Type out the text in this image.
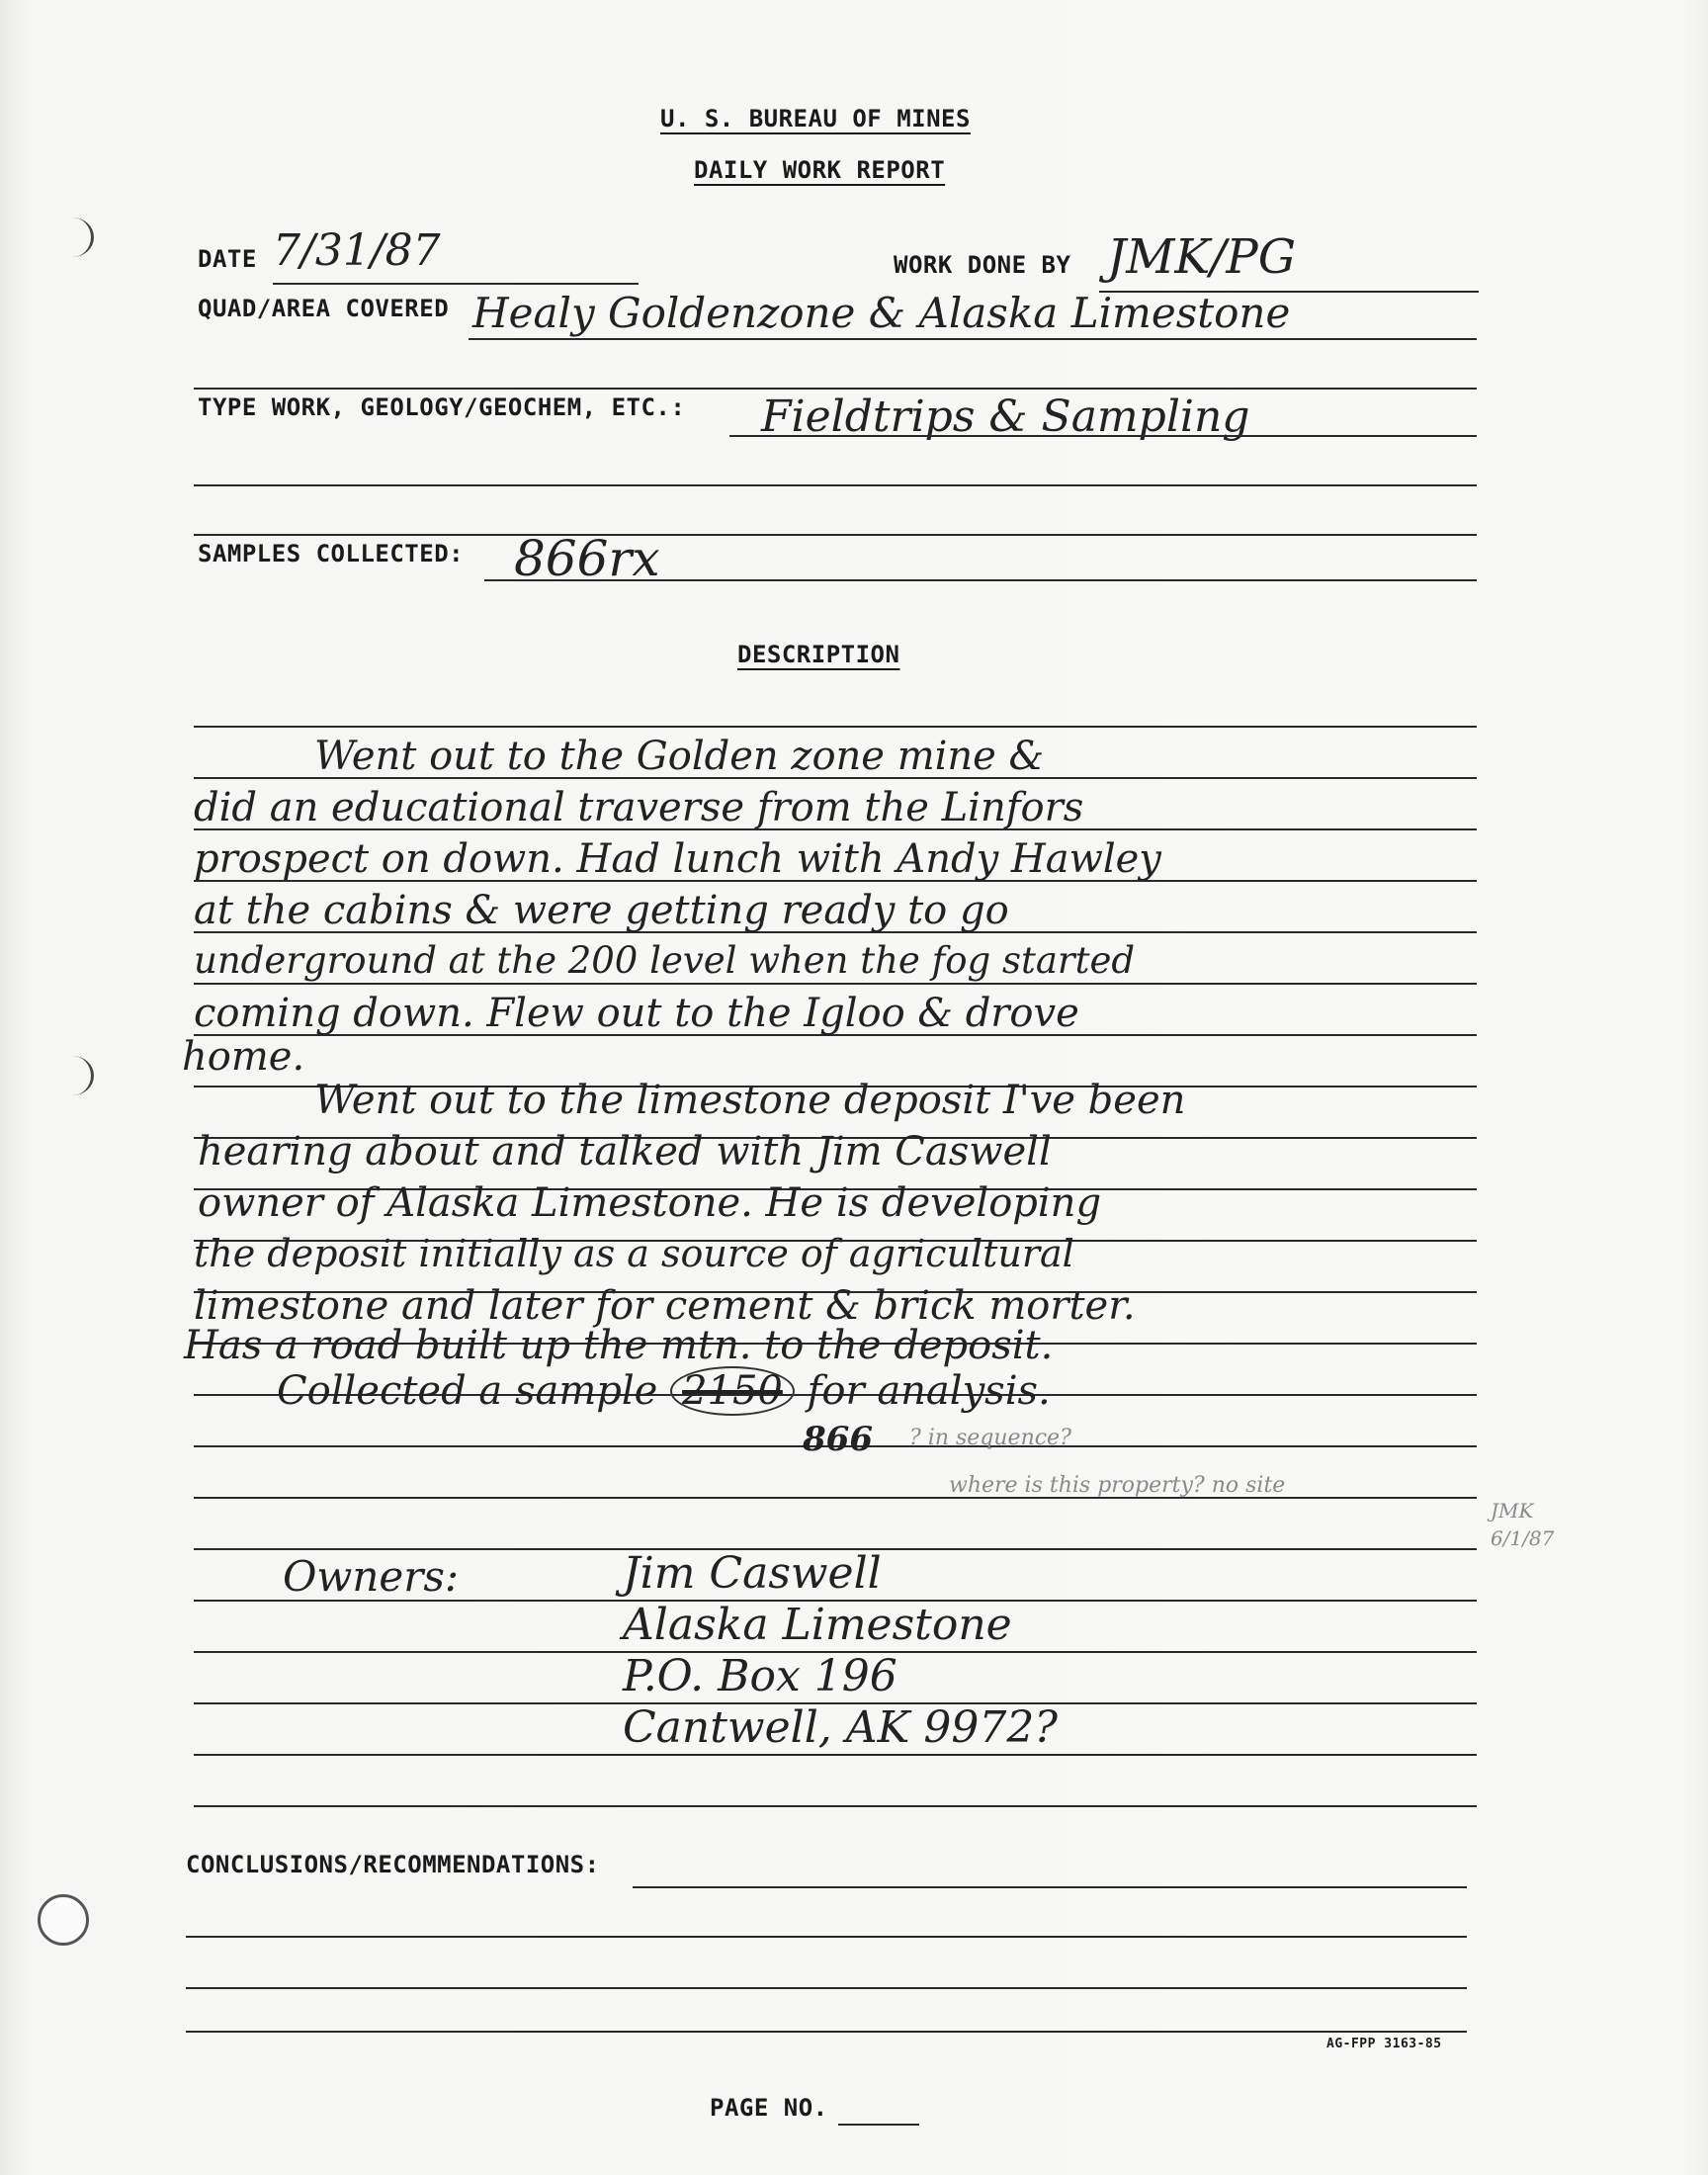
U. S. BUREAU OF MINES
DAILY WORK REPORT
DATE 7/31/87	WORK DONE BY JMK/PG
QUAD/AREA COVERED Healy Goldenzone & Alaska Limestone
TYPE WORK, GEOLOGY/GEOCHEM, ETC.: Fieldtrips & Sampling
SAMPLES COLLECTED: 866rx
DESCRIPTION
Went out to the Golden zone mine &
did an educational traverse from the Linfors
prospect on down. Had lunch with Andy Hawley
at the cabins & were getting ready to go
underground at the 200 level when the fog started
coming down. Flew out to the Igloo & drove
home.
Went out to the limestone deposit I've been
hearing about and talked with Jim Caswell
owner of Alaska Limestone. He is developing
the deposit initially as a source of agricultural
limestone and later for cement & brick morter.
Has a road built up the mtn. to the deposit.
Collected a sample 2150 for analysis.
866 ? in sequence?
where is this property? no site
JMK
6/1/87
Owners:	Jim Caswell
Alaska Limestone
P.O. Box 196
Cantwell, AK 9972?
CONCLUSIONS/RECOMMENDATIONS:
AG-FPP 3163-85
PAGE NO.
